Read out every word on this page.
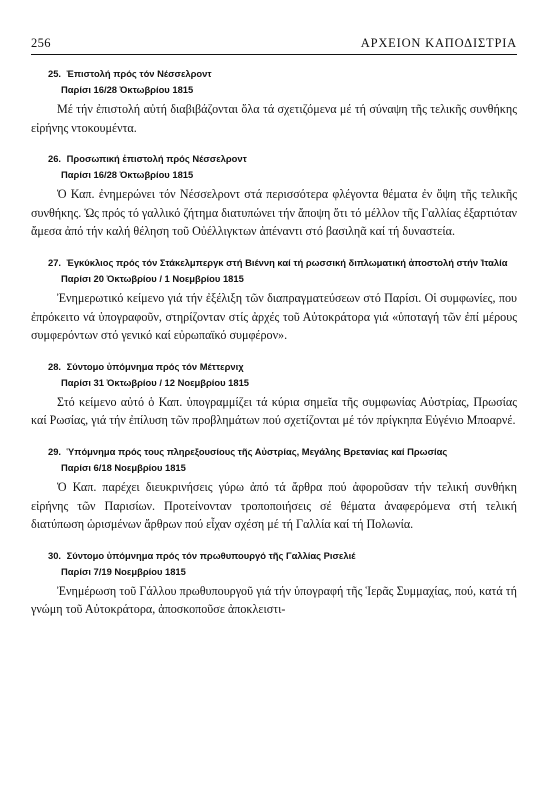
256	ΑΡΧΕΙΟΝ ΚΑΠΟΔΙΣΤΡΙΑ
25. Ἐπιστολή πρός τόν Νέσσελροντ
Παρίσι 16/28 Ὀκτωβρίου 1815

Μέ τήν ἐπιστολή αὐτή διαβιβάζονται ὅλα τά σχετιζόμενα μέ τή σύναψη τῆς τελικῆς συνθήκης εἰρήνης ντοκουμέντα.

26. Προσωπική ἐπιστολή πρός Νέσσελροντ
Παρίσι 16/28 Ὀκτωβρίου 1815

Ὁ Καπ. ἐνημερώνει τόν Νέσσελροντ στά περισσότερα φλέγοντα θέματα ἐν ὄψη τῆς τελικῆς συνθήκης. Ὡς πρός τό γαλλικό ζήτημα διατυπώνει τήν ἄποψη ὅτι τό μέλλον τῆς Γαλλίας ἐξαρτιόταν ἄμεσα ἀπό τήν καλή θέληση τοῦ Οὐέλλιγκτων ἀπέναντι στό βασιληᾶ καί τή δυναστεία.

27. Ἐγκύκλιος πρός τόν Στάκελμπεργκ στή Βιέννη καί τή ρωσσική διπλωματική ἀποστολή στήν Ἰταλία
Παρίσι 20 Ὀκτωβρίου / 1 Νοεμβρίου 1815

Ἐνημερωτικό κείμενο γιά τήν ἐξέλιξη τῶν διαπραγματεύσεων στό Παρίσι. Οἱ συμφωνίες, που ἐπρόκειτο νά ὑπογραφοῦν, στηρίζονταν στίς ἀρχές τοῦ Αὐτοκράτορα γιά «ὑποταγή τῶν ἐπί μέρους συμφερόντων στό γενικό καί εὐρωπαϊκό συμφέρον».

28. Σύντομο ὑπόμνημα πρός τόν Μέττερνιχ
Παρίσι 31 Ὀκτωβρίου / 12 Νοεμβρίου 1815

Στό κείμενο αὐτό ὁ Καπ. ὑπογραμμίζει τά κύρια σημεῖα τῆς συμφωνίας Αὐστρίας, Πρωσίας καί Ρωσίας, γιά τήν ἐπίλυση τῶν προβλημάτων πού σχετίζονται μέ τόν πρίγκηπα Εὐγένιο Μποαρνέ.

29. Ὑπόμνημα πρός τους πληρεξουσίους τῆς Αὐστρίας, Μεγάλης Βρετανίας καί Πρωσίας
Παρίσι 6/18 Νοεμβρίου 1815

Ὁ Καπ. παρέχει διευκρινήσεις γύρω ἀπό τά ἄρθρα πού ἀφοροῦσαν τήν τελική συνθήκη εἰρήνης τῶν Παρισίων. Προτείνονταν τροποποιήσεις σέ θέματα ἀναφερόμενα στή τελική διατύπωση ὡρισμένων ἄρθρων πού εἶχαν σχέση μέ τή Γαλλία καί τή Πολωνία.

30. Σύντομο ὑπόμνημα πρός τόν πρωθυπουργό τῆς Γαλλίας Ρισελιέ
Παρίσι 7/19 Νοεμβρίου 1815

Ἐνημέρωση τοῦ Γάλλου πρωθυπουργοῦ γιά τήν ὑπογραφή τῆς Ἱερᾶς Συμμαχίας, πού, κατά τή γνώμη τοῦ Αὐτοκράτορα, ἀποσκοποῦσε ἀποκλειστι-
